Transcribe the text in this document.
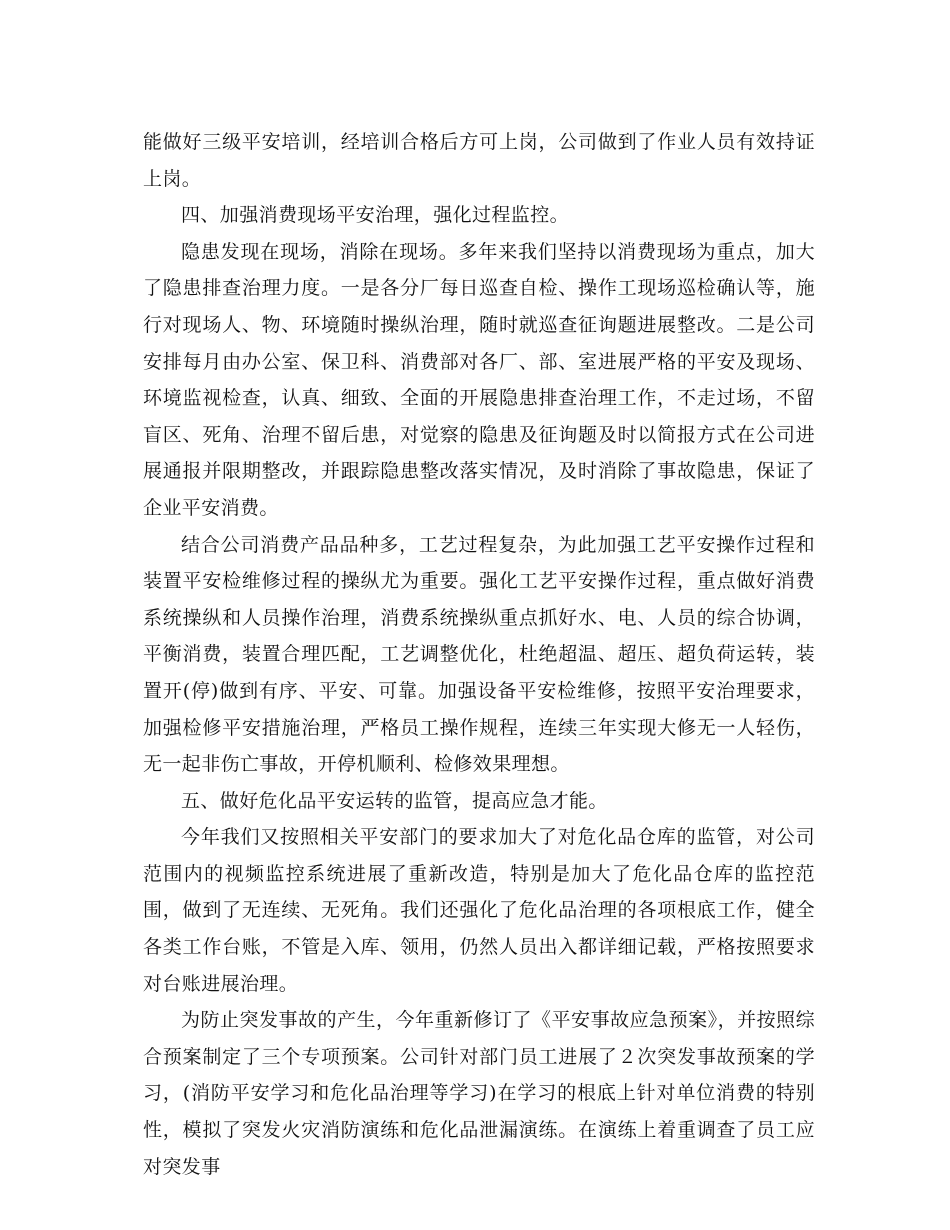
能做好三级平安培训，经培训合格后方可上岗，公司做到了作业人员有效持证上岗。

四、加强消费现场平安治理，强化过程监控。

隐患发现在现场，消除在现场。多年来我们坚持以消费现场为重点，加大了隐患排查治理力度。一是各分厂每日巡查自检、操作工现场巡检确认等，施行对现场人、物、环境随时操纵治理，随时就巡查征询题进展整改。二是公司安排每月由办公室、保卫科、消费部对各厂、部、室进展严格的平安及现场、环境监视检查，认真、细致、全面的开展隐患排查治理工作，不走过场，不留盲区、死角、治理不留后患，对觉察的隐患及征询题及时以简报方式在公司进展通报并限期整改，并跟踪隐患整改落实情况，及时消除了事故隐患，保证了企业平安消费。

结合公司消费产品品种多，工艺过程复杂，为此加强工艺平安操作过程和装置平安检维修过程的操纵尤为重要。强化工艺平安操作过程，重点做好消费系统操纵和人员操作治理，消费系统操纵重点抓好水、电、人员的综合协调，平衡消费，装置合理匹配，工艺调整优化，杜绝超温、超压、超负荷运转，装置开(停)做到有序、平安、可靠。加强设备平安检维修，按照平安治理要求，加强检修平安措施治理，严格员工操作规程，连续三年实现大修无一人轻伤，无一起非伤亡事故，开停机顺利、检修效果理想。

五、做好危化品平安运转的监管，提高应急才能。

今年我们又按照相关平安部门的要求加大了对危化品仓库的监管，对公司范围内的视频监控系统进展了重新改造，特别是加大了危化品仓库的监控范围，做到了无连续、无死角。我们还强化了危化品治理的各项根底工作，健全各类工作台账，不管是入库、领用，仍然人员出入都详细记载，严格按照要求对台账进展治理。

为防止突发事故的产生，今年重新修订了《平安事故应急预案》，并按照综合预案制定了三个专项预案。公司针对部门员工进展了２次突发事故预案的学习，(消防平安学习和危化品治理等学习)在学习的根底上针对单位消费的特别性，模拟了突发火灾消防演练和危化品泄漏演练。在演练上着重调查了员工应对突发事
